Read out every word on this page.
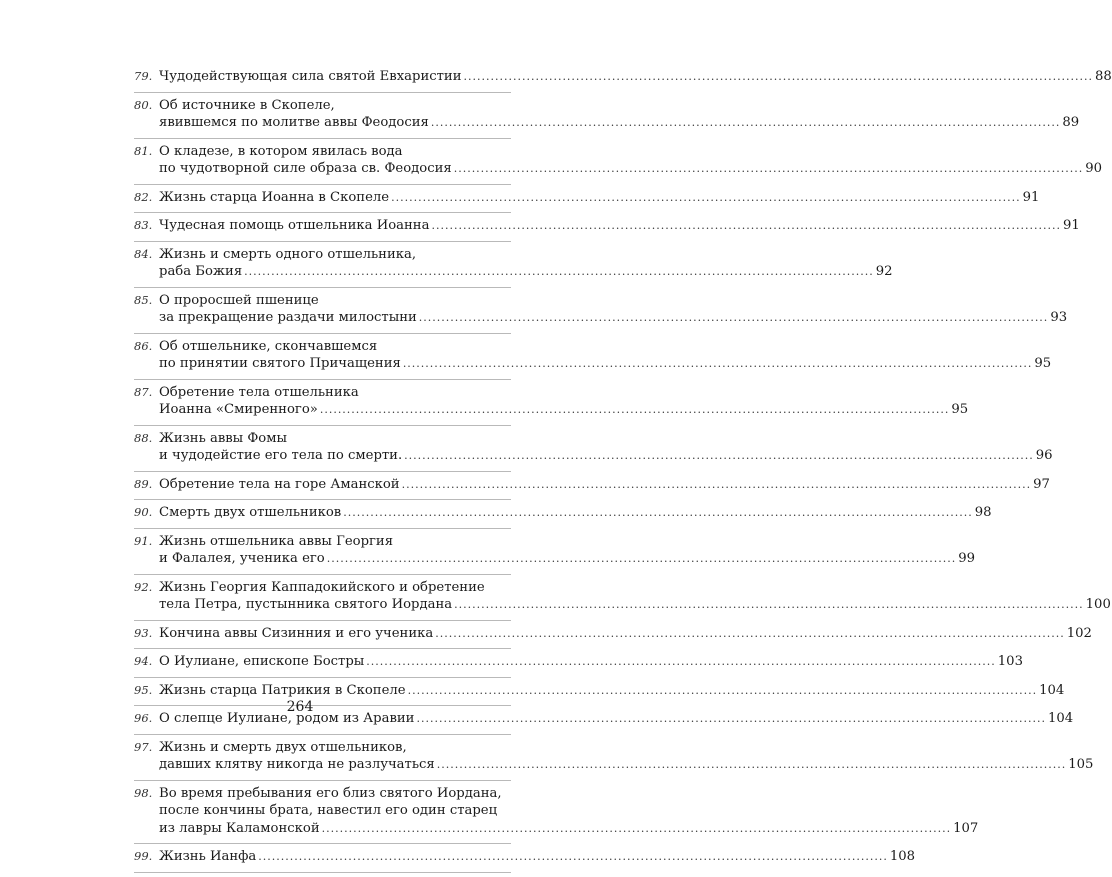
79. Чудодействующая сила святой Евхаристии ............................................................................................................................................ 88
80. Об источнике в Скопеле,
явившемся по молитве аввы Феодосия ............................................................................................................................................ 89
81. О кладезе, в котором явилась вода
по чудотворной силе образа св. Феодосия ............................................................................................................................................ 90
82. Жизнь старца Иоанна в Скопеле ............................................................................................................................................ 91
83. Чудесная помощь отшельника Иоанна ............................................................................................................................................ 91
84. Жизнь и смерть одного отшельника,
раба Божия ............................................................................................................................................ 92
85. О проросшей пшенице
за прекращение раздачи милостыни ............................................................................................................................................ 93
86. Об отшельнике, скончавшемся
по принятии святого Причащения ............................................................................................................................................ 95
87. Обретение тела отшельника
Иоанна «Смиренного» ............................................................................................................................................ 95
88. Жизнь аввы Фомы
и чудодейстие его тела по смерти. ............................................................................................................................................ 96
89. Обретение тела на горе Аманской ............................................................................................................................................ 97
90. Смерть двух отшельников ............................................................................................................................................ 98
91. Жизнь отшельника аввы Георгия
и Фалалея, ученика его ............................................................................................................................................ 99
92. Жизнь Георгия Каппадокийского и обретение
тела Петра, пустынника святого Иордана ............................................................................................................................................ 100
93. Кончина аввы Сизинния и его ученика ............................................................................................................................................ 102
94. О Иулиане, епископе Бостры ............................................................................................................................................ 103
95. Жизнь старца Патрикия в Скопеле ............................................................................................................................................ 104
96. О слепце Иулиане, родом из Аравии ............................................................................................................................................ 104
97. Жизнь и смерть двух отшельников,
давших клятву никогда не разлучаться ............................................................................................................................................ 105
98. Во время пребывания его близ святого Иордана,
после кончины брата, навестил его один старец
из лавры Каламонской ............................................................................................................................................ 107
99. Жизнь Ианфа ............................................................................................................................................ 108
264
